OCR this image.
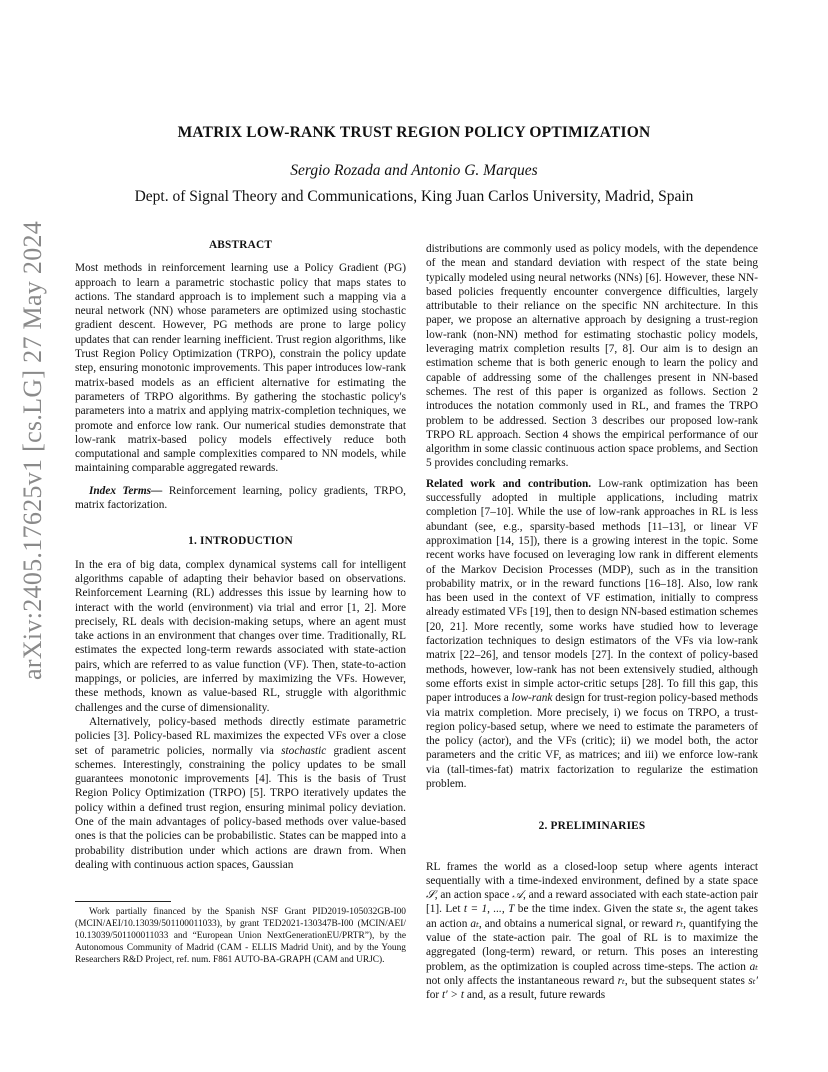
arXiv:2405.17625v1 [cs.LG] 27 May 2024
MATRIX LOW-RANK TRUST REGION POLICY OPTIMIZATION
Sergio Rozada and Antonio G. Marques
Dept. of Signal Theory and Communications, King Juan Carlos University, Madrid, Spain
ABSTRACT

Most methods in reinforcement learning use a Policy Gradient (PG) approach to learn a parametric stochastic policy that maps states to actions. The standard approach is to implement such a mapping via a neural network (NN) whose parameters are optimized using stochastic gradient descent. However, PG methods are prone to large policy updates that can render learning inefficient. Trust region algorithms, like Trust Region Policy Optimization (TRPO), constrain the policy update step, ensuring monotonic improvements. This paper introduces low-rank matrix-based models as an efficient alternative for estimating the parameters of TRPO algorithms. By gathering the stochastic policy's parameters into a matrix and applying matrix-completion techniques, we promote and enforce low rank. Our numerical studies demonstrate that low-rank matrix-based policy models effectively reduce both computational and sample complexities compared to NN models, while maintaining comparable aggregated rewards.

Index Terms— Reinforcement learning, policy gradients, TRPO, matrix factorization.

1. INTRODUCTION

In the era of big data, complex dynamical systems call for intelligent algorithms capable of adapting their behavior based on observations. Reinforcement Learning (RL) addresses this issue by learning how to interact with the world (environment) via trial and error [1, 2]. More precisely, RL deals with decision-making setups, where an agent must take actions in an environment that changes over time. Traditionally, RL estimates the expected long-term rewards associated with state-action pairs, which are referred to as value function (VF). Then, state-to-action mappings, or policies, are inferred by maximizing the VFs. However, these methods, known as value-based RL, struggle with algorithmic challenges and the curse of dimensionality.

Alternatively, policy-based methods directly estimate parametric policies [3]. Policy-based RL maximizes the expected VFs over a close set of parametric policies, normally via stochastic gradient ascent schemes. Interestingly, constraining the policy updates to be small guarantees monotonic improvements [4]. This is the basis of Trust Region Policy Optimization (TRPO) [5]. TRPO iteratively updates the policy within a defined trust region, ensuring minimal policy deviation. One of the main advantages of policy-based methods over value-based ones is that the policies can be probabilistic. States can be mapped into a probability distribution under which actions are drawn from. When dealing with continuous action spaces, Gaussian

distributions are commonly used as policy models, with the dependence of the mean and standard deviation with respect of the state being typically modeled using neural networks (NNs) [6]. However, these NN-based policies frequently encounter convergence difficulties, largely attributable to their reliance on the specific NN architecture. In this paper, we propose an alternative approach by designing a trust-region low-rank (non-NN) method for estimating stochastic policy models, leveraging matrix completion results [7, 8]. Our aim is to design an estimation scheme that is both generic enough to learn the policy and capable of addressing some of the challenges present in NN-based schemes. The rest of this paper is organized as follows. Section 2 introduces the notation commonly used in RL, and frames the TRPO problem to be addressed. Section 3 describes our proposed low-rank TRPO RL approach. Section 4 shows the empirical performance of our algorithm in some classic continuous action space problems, and Section 5 provides concluding remarks.

Related work and contribution. Low-rank optimization has been successfully adopted in multiple applications, including matrix completion [7–10]. While the use of low-rank approaches in RL is less abundant (see, e.g., sparsity-based methods [11–13], or linear VF approximation [14, 15]), there is a growing interest in the topic. Some recent works have focused on leveraging low rank in different elements of the Markov Decision Processes (MDP), such as in the transition probability matrix, or in the reward functions [16–18]. Also, low rank has been used in the context of VF estimation, initially to compress already estimated VFs [19], then to design NN-based estimation schemes [20, 21]. More recently, some works have studied how to leverage factorization techniques to design estimators of the VFs via low-rank matrix [22–26], and tensor models [27]. In the context of policy-based methods, however, low-rank has not been extensively studied, although some efforts exist in simple actor-critic setups [28]. To fill this gap, this paper introduces a low-rank design for trust-region policy-based methods via matrix completion. More precisely, i) we focus on TRPO, a trust-region policy-based setup, where we need to estimate the parameters of the policy (actor), and the VFs (critic); ii) we model both, the actor parameters and the critic VF, as matrices; and iii) we enforce low-rank via (tall-times-fat) matrix factorization to regularize the estimation problem.

2. PRELIMINARIES

RL frames the world as a closed-loop setup where agents interact sequentially with a time-indexed environment, defined by a state space 𝒮, an action space 𝒜, and a reward associated with each state-action pair [1]. Let t = 1, ..., T be the time index. Given the state sₜ, the agent takes an action aₜ, and obtains a numerical signal, or reward rₜ, quantifying the value of the state-action pair. The goal of RL is to maximize the aggregated (long-term) reward, or return. This poses an interesting problem, as the optimization is coupled across time-steps. The action aₜ not only affects the instantaneous reward rₜ, but the subsequent states sₜ′ for t′ > t and, as a result, future rewards

Work partially financed by the Spanish NSF Grant PID2019-105032GB-I00 (MCIN/AEI/10.13039/501100011033), by grant TED2021-130347B-I00 (MCIN/AEI/ 10.13039/501100011033 and “European Union NextGenerationEU/PRTR”), by the Autonomous Community of Madrid (CAM - ELLIS Madrid Unit), and by the Young Researchers R&D Project, ref. num. F861 AUTO-BA-GRAPH (CAM and URJC).
